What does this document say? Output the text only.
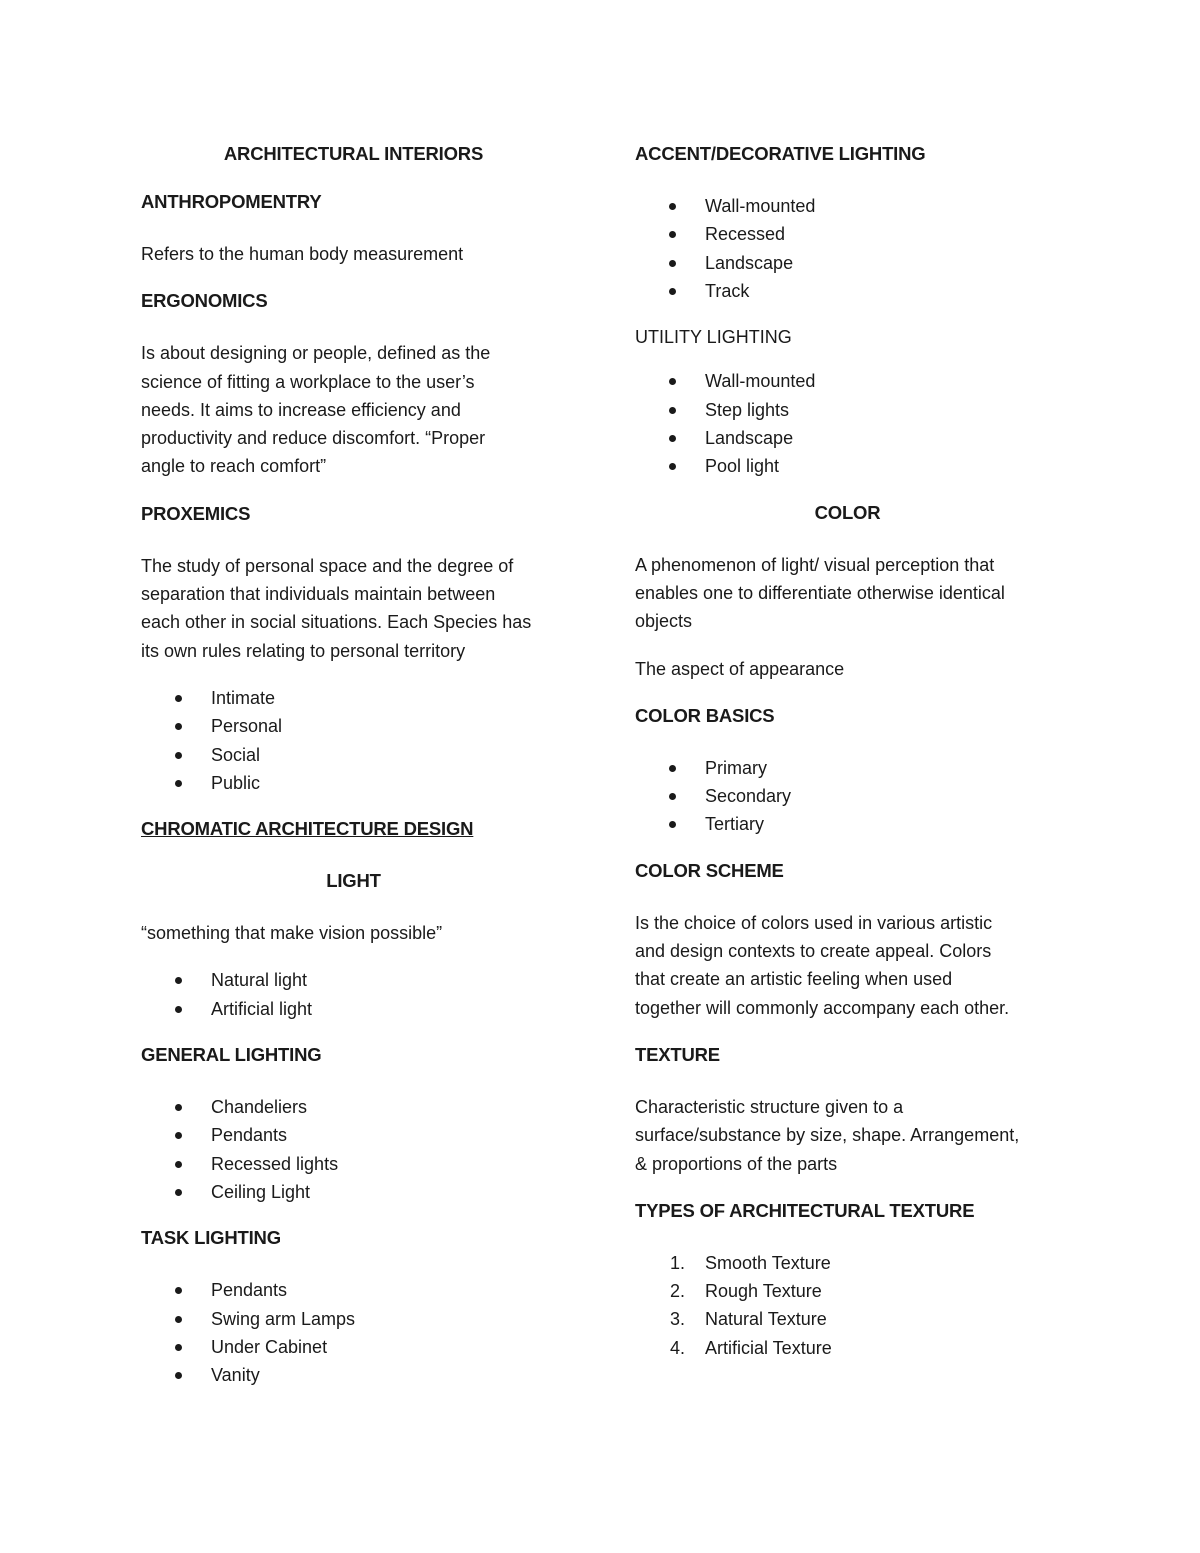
ARCHITECTURAL INTERIORS
ANTHROPOMENTRY

Refers to the human body measurement

ERGONOMICS

Is about designing or people, defined as the
science of fitting a workplace to the user’s
needs. It aims to increase efficiency and
productivity and reduce discomfort. “Proper
angle to reach comfort”

PROXEMICS

The study of personal space and the degree of
separation that individuals maintain between
each other in social situations. Each Species has
its own rules relating to personal territory

Intimate
Personal
Social
Public
CHROMATIC ARCHITECTURE DESIGN
LIGHT

“something that make vision possible”

Natural light
Artificial light
GENERAL LIGHTING
Chandeliers
Pendants
Recessed lights
Ceiling Light
TASK LIGHTING
Pendants
Swing arm Lamps
Under Cabinet
Vanity
ACCENT/DECORATIVE LIGHTING
Wall-mounted
Recessed
Landscape
Track

UTILITY LIGHTING

Wall-mounted
Step lights
Landscape
Pool light
COLOR

A phenomenon of light/ visual perception that
enables one to differentiate otherwise identical
objects

The aspect of appearance

COLOR BASICS
Primary
Secondary
Tertiary
COLOR SCHEME

Is the choice of colors used in various artistic
and design contexts to create appeal. Colors
that create an artistic feeling when used
together will commonly accompany each other.

TEXTURE

Characteristic structure given to a
surface/substance by size, shape. Arrangement,
& proportions of the parts

TYPES OF ARCHITECTURAL TEXTURE
1. Smooth Texture
2. Rough Texture
3. Natural Texture
4. Artificial Texture
